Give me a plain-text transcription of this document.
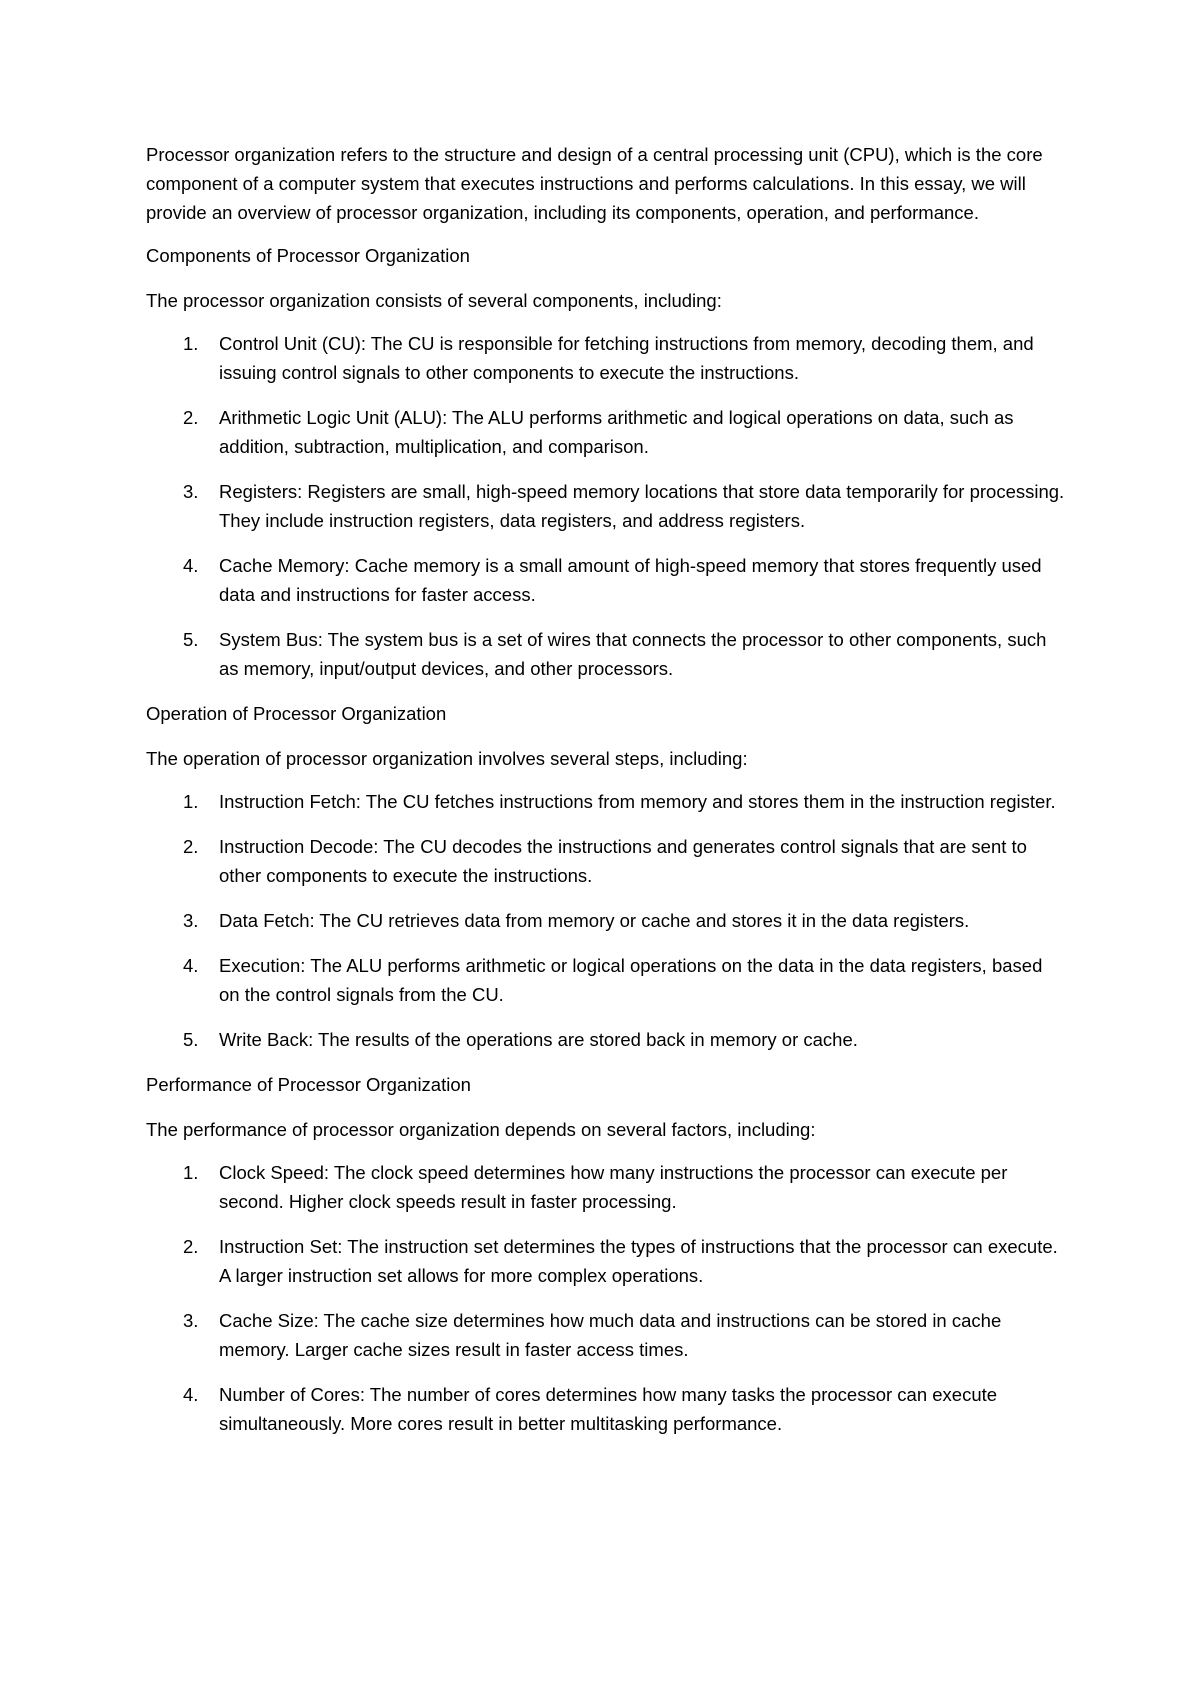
Processor organization refers to the structure and design of a central processing unit (CPU), which is the core component of a computer system that executes instructions and performs calculations. In this essay, we will provide an overview of processor organization, including its components, operation, and performance.

Components of Processor Organization

The processor organization consists of several components, including:

1. Control Unit (CU): The CU is responsible for fetching instructions from memory, decoding them, and issuing control signals to other components to execute the instructions.
2. Arithmetic Logic Unit (ALU): The ALU performs arithmetic and logical operations on data, such as addition, subtraction, multiplication, and comparison.
3. Registers: Registers are small, high-speed memory locations that store data temporarily for processing. They include instruction registers, data registers, and address registers.
4. Cache Memory: Cache memory is a small amount of high-speed memory that stores frequently used data and instructions for faster access.
5. System Bus: The system bus is a set of wires that connects the processor to other components, such as memory, input/output devices, and other processors.

Operation of Processor Organization

The operation of processor organization involves several steps, including:

1. Instruction Fetch: The CU fetches instructions from memory and stores them in the instruction register.
2. Instruction Decode: The CU decodes the instructions and generates control signals that are sent to other components to execute the instructions.
3. Data Fetch: The CU retrieves data from memory or cache and stores it in the data registers.
4. Execution: The ALU performs arithmetic or logical operations on the data in the data registers, based on the control signals from the CU.
5. Write Back: The results of the operations are stored back in memory or cache.

Performance of Processor Organization

The performance of processor organization depends on several factors, including:

1. Clock Speed: The clock speed determines how many instructions the processor can execute per second. Higher clock speeds result in faster processing.
2. Instruction Set: The instruction set determines the types of instructions that the processor can execute. A larger instruction set allows for more complex operations.
3. Cache Size: The cache size determines how much data and instructions can be stored in cache memory. Larger cache sizes result in faster access times.
4. Number of Cores: The number of cores determines how many tasks the processor can execute simultaneously. More cores result in better multitasking performance.
